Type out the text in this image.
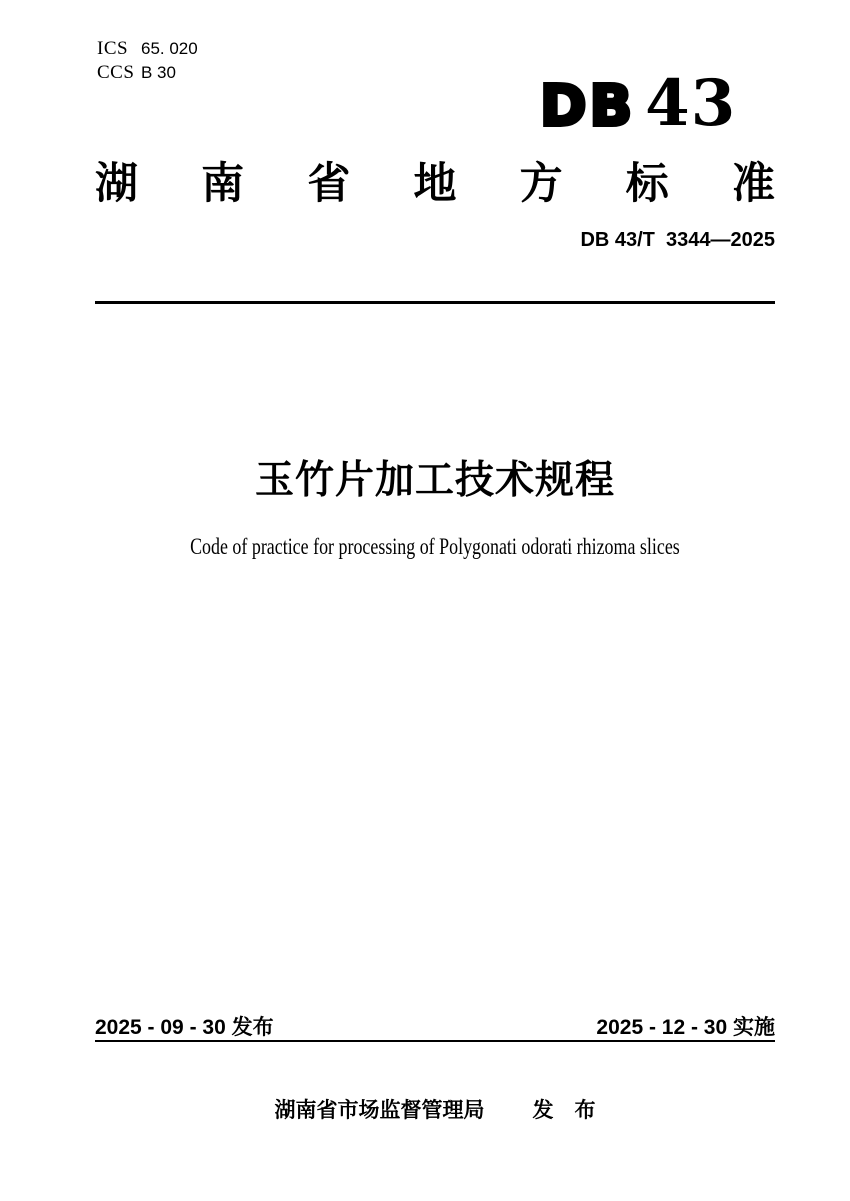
ICS 65. 020
CCS B 30
DB 43
湖 南 省 地 方 标 准
DB 43/T  3344—2025
玉竹片加工技术规程
Code of practice for processing of Polygonati odorati rhizoma slices
2025 - 09 - 30 发布	2025 - 12 - 30 实施
湖南省市场监督管理局 发　布
